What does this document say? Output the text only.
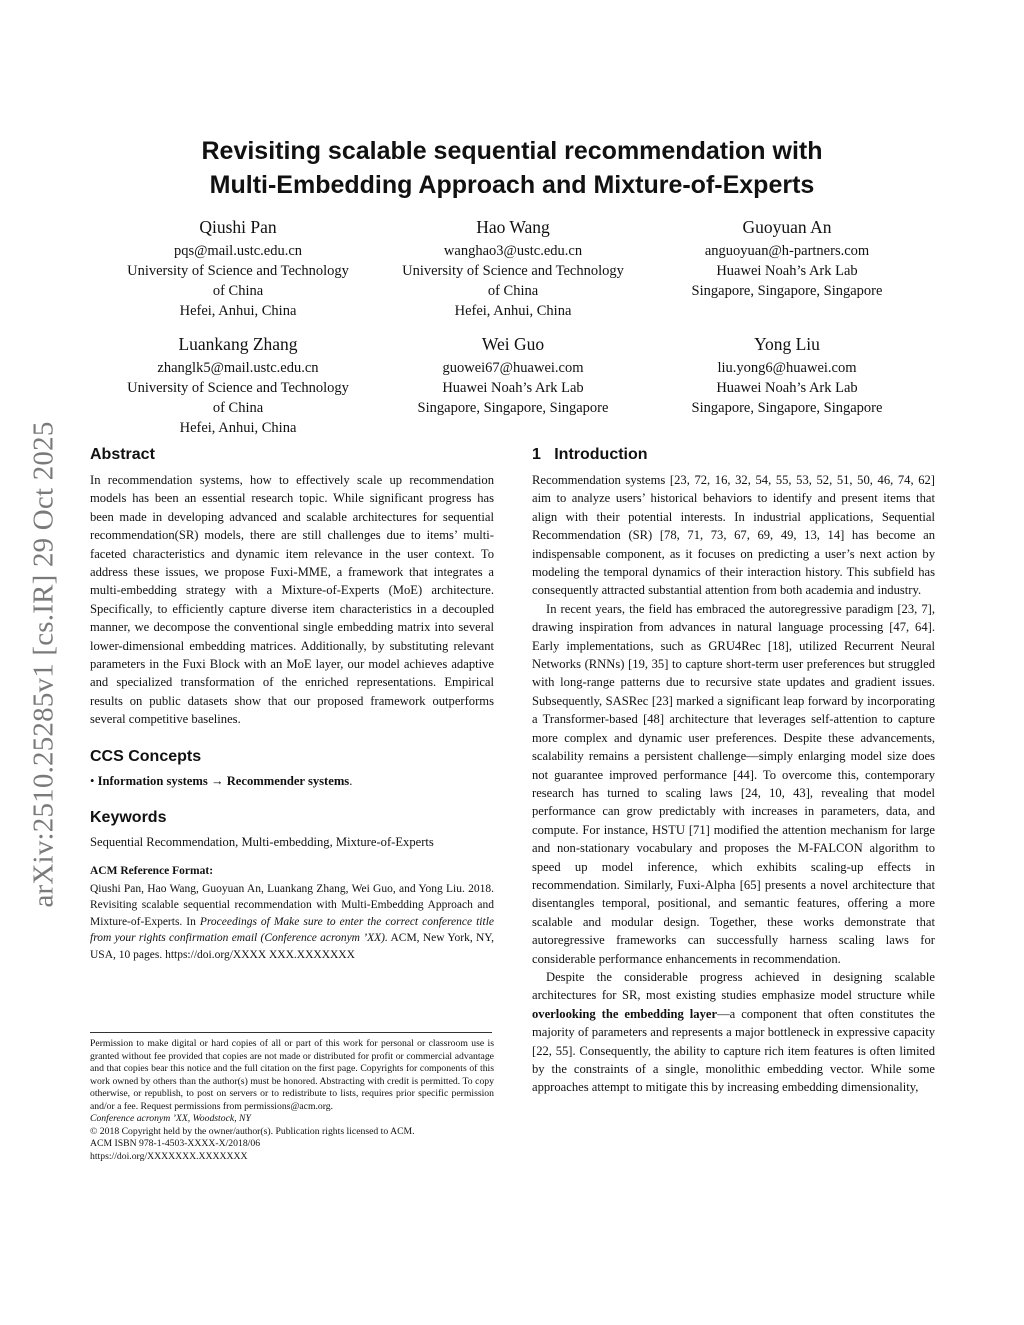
arXiv:2510.25285v1 [cs.IR] 29 Oct 2025
Revisiting scalable sequential recommendation with
Multi-Embedding Approach and Mixture-of-Experts
Qiushi Pan
pqs@mail.ustc.edu.cn
University of Science and Technology
of China
Hefei, Anhui, China
Hao Wang
wanghao3@ustc.edu.cn
University of Science and Technology
of China
Hefei, Anhui, China
Guoyuan An
anguoyuan@h-partners.com
Huawei Noah’s Ark Lab
Singapore, Singapore, Singapore
Luankang Zhang
zhanglk5@mail.ustc.edu.cn
University of Science and Technology
of China
Hefei, Anhui, China
Wei Guo
guowei67@huawei.com
Huawei Noah’s Ark Lab
Singapore, Singapore, Singapore
Yong Liu
liu.yong6@huawei.com
Huawei Noah’s Ark Lab
Singapore, Singapore, Singapore
Abstract

In recommendation systems, how to effectively scale up recommendation models has been an essential research topic. While significant progress has been made in developing advanced and scalable architectures for sequential recommendation(SR) models, there are still challenges due to items’ multi-faceted characteristics and dynamic item relevance in the user context. To address these issues, we propose Fuxi-MME, a framework that integrates a multi-embedding strategy with a Mixture-of-Experts (MoE) architecture. Specifically, to efficiently capture diverse item characteristics in a decoupled manner, we decompose the conventional single embedding matrix into several lower-dimensional embedding matrices. Additionally, by substituting relevant parameters in the Fuxi Block with an MoE layer, our model achieves adaptive and specialized transformation of the enriched representations. Empirical results on public datasets show that our proposed framework outperforms several competitive baselines.

CCS Concepts

• Information systems → Recommender systems.

Keywords

Sequential Recommendation, Multi-embedding, Mixture-of-Experts

ACM Reference Format:

Qiushi Pan, Hao Wang, Guoyuan An, Luankang Zhang, Wei Guo, and Yong Liu. 2018. Revisiting scalable sequential recommendation with Multi-Embedding Approach and Mixture-of-Experts. In Proceedings of Make sure to enter the correct conference title from your rights confirmation email (Conference acronym ’XX). ACM, New York, NY, USA, 10 pages. https://doi.org/XXXX XXX.XXXXXXX

Permission to make digital or hard copies of all or part of this work for personal or classroom use is granted without fee provided that copies are not made or distributed for profit or commercial advantage and that copies bear this notice and the full citation on the first page. Copyrights for components of this work owned by others than the author(s) must be honored. Abstracting with credit is permitted. To copy otherwise, or republish, to post on servers or to redistribute to lists, requires prior specific permission and/or a fee. Request permissions from permissions@acm.org.

Conference acronym ’XX, Woodstock, NY

© 2018 Copyright held by the owner/author(s). Publication rights licensed to ACM.

ACM ISBN 978-1-4503-XXXX-X/2018/06

https://doi.org/XXXXXXX.XXXXXXX

1   Introduction

Recommendation systems [23, 72, 16, 32, 54, 55, 53, 52, 51, 50, 46, 74, 62] aim to analyze users’ historical behaviors to identify and present items that align with their potential interests. In industrial applications, Sequential Recommendation (SR) [78, 71, 73, 67, 69, 49, 13, 14] has become an indispensable component, as it focuses on predicting a user’s next action by modeling the temporal dynamics of their interaction history. This subfield has consequently attracted substantial attention from both academia and industry.

In recent years, the field has embraced the autoregressive paradigm [23, 7], drawing inspiration from advances in natural language processing [47, 64]. Early implementations, such as GRU4Rec [18], utilized Recurrent Neural Networks (RNNs) [19, 35] to capture short-term user preferences but struggled with long-range patterns due to recursive state updates and gradient issues. Subsequently, SASRec [23] marked a significant leap forward by incorporating a Transformer-based [48] architecture that leverages self-attention to capture more complex and dynamic user preferences. Despite these advancements, scalability remains a persistent challenge—simply enlarging model size does not guarantee improved performance [44]. To overcome this, contemporary research has turned to scaling laws [24, 10, 43], revealing that model performance can grow predictably with increases in parameters, data, and compute. For instance, HSTU [71] modified the attention mechanism for large and non-stationary vocabulary and proposes the M-FALCON algorithm to speed up model inference, which exhibits scaling-up effects in recommendation. Similarly, Fuxi-Alpha [65] presents a novel architecture that disentangles temporal, positional, and semantic features, offering a more scalable and modular design. Together, these works demonstrate that autoregressive frameworks can successfully harness scaling laws for considerable performance enhancements in recommendation.

Despite the considerable progress achieved in designing scalable architectures for SR, most existing studies emphasize model structure while overlooking the embedding layer—a component that often constitutes the majority of parameters and represents a major bottleneck in expressive capacity [22, 55]. Consequently, the ability to capture rich item features is often limited by the constraints of a single, monolithic embedding vector. While some approaches attempt to mitigate this by increasing embedding dimensionality,
